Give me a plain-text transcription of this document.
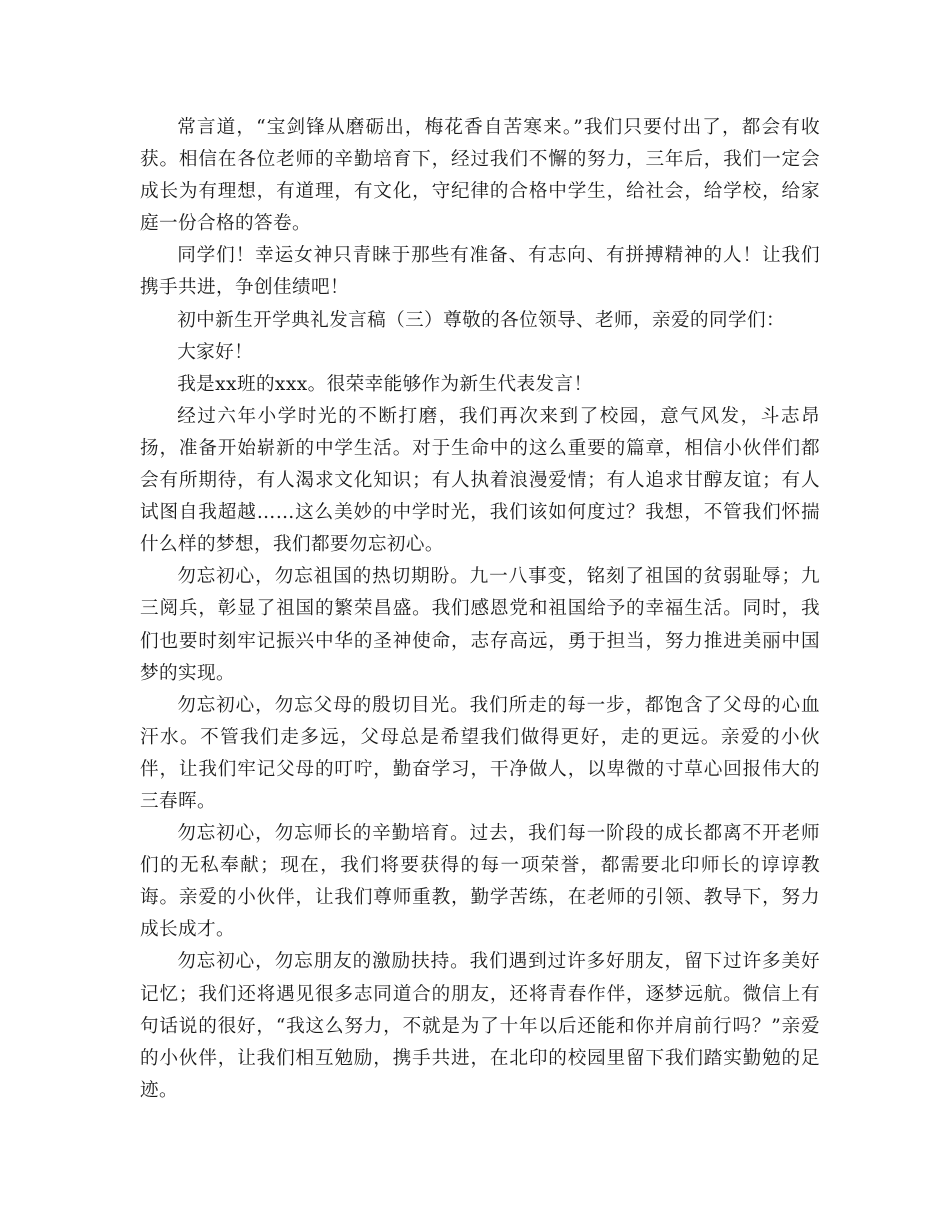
常言道，“宝剑锋从磨砺出，梅花香自苦寒来。”我们只要付出了，都会有收获。相信在各位老师的辛勤培育下，经过我们不懈的努力，三年后，我们一定会成长为有理想，有道理，有文化，守纪律的合格中学生，给社会，给学校，给家庭一份合格的答卷。

同学们！幸运女神只青睐于那些有准备、有志向、有拼搏精神的人！让我们携手共进，争创佳绩吧！

初中新生开学典礼发言稿（三）尊敬的各位领导、老师，亲爱的同学们：

大家好！

我是xx班的xxx。很荣幸能够作为新生代表发言！

经过六年小学时光的不断打磨，我们再次来到了校园，意气风发，斗志昂扬，准备开始崭新的中学生活。对于生命中的这么重要的篇章，相信小伙伴们都会有所期待，有人渴求文化知识；有人执着浪漫爱情；有人追求甘醇友谊；有人试图自我超越……这么美妙的中学时光，我们该如何度过？我想，不管我们怀揣什么样的梦想，我们都要勿忘初心。

勿忘初心，勿忘祖国的热切期盼。九一八事变，铭刻了祖国的贫弱耻辱；九三阅兵，彰显了祖国的繁荣昌盛。我们感恩党和祖国给予的幸福生活。同时，我们也要时刻牢记振兴中华的圣神使命，志存高远，勇于担当，努力推进美丽中国梦的实现。

勿忘初心，勿忘父母的殷切目光。我们所走的每一步，都饱含了父母的心血汗水。不管我们走多远，父母总是希望我们做得更好，走的更远。亲爱的小伙伴，让我们牢记父母的叮咛，勤奋学习，干净做人，以卑微的寸草心回报伟大的三春晖。

勿忘初心，勿忘师长的辛勤培育。过去，我们每一阶段的成长都离不开老师们的无私奉献；现在，我们将要获得的每一项荣誉，都需要北印师长的谆谆教诲。亲爱的小伙伴，让我们尊师重教，勤学苦练，在老师的引领、教导下，努力成长成才。

勿忘初心，勿忘朋友的激励扶持。我们遇到过许多好朋友，留下过许多美好记忆；我们还将遇见很多志同道合的朋友，还将青春作伴，逐梦远航。微信上有句话说的很好，“我这么努力，不就是为了十年以后还能和你并肩前行吗？”亲爱的小伙伴，让我们相互勉励，携手共进，在北印的校园里留下我们踏实勤勉的足迹。
